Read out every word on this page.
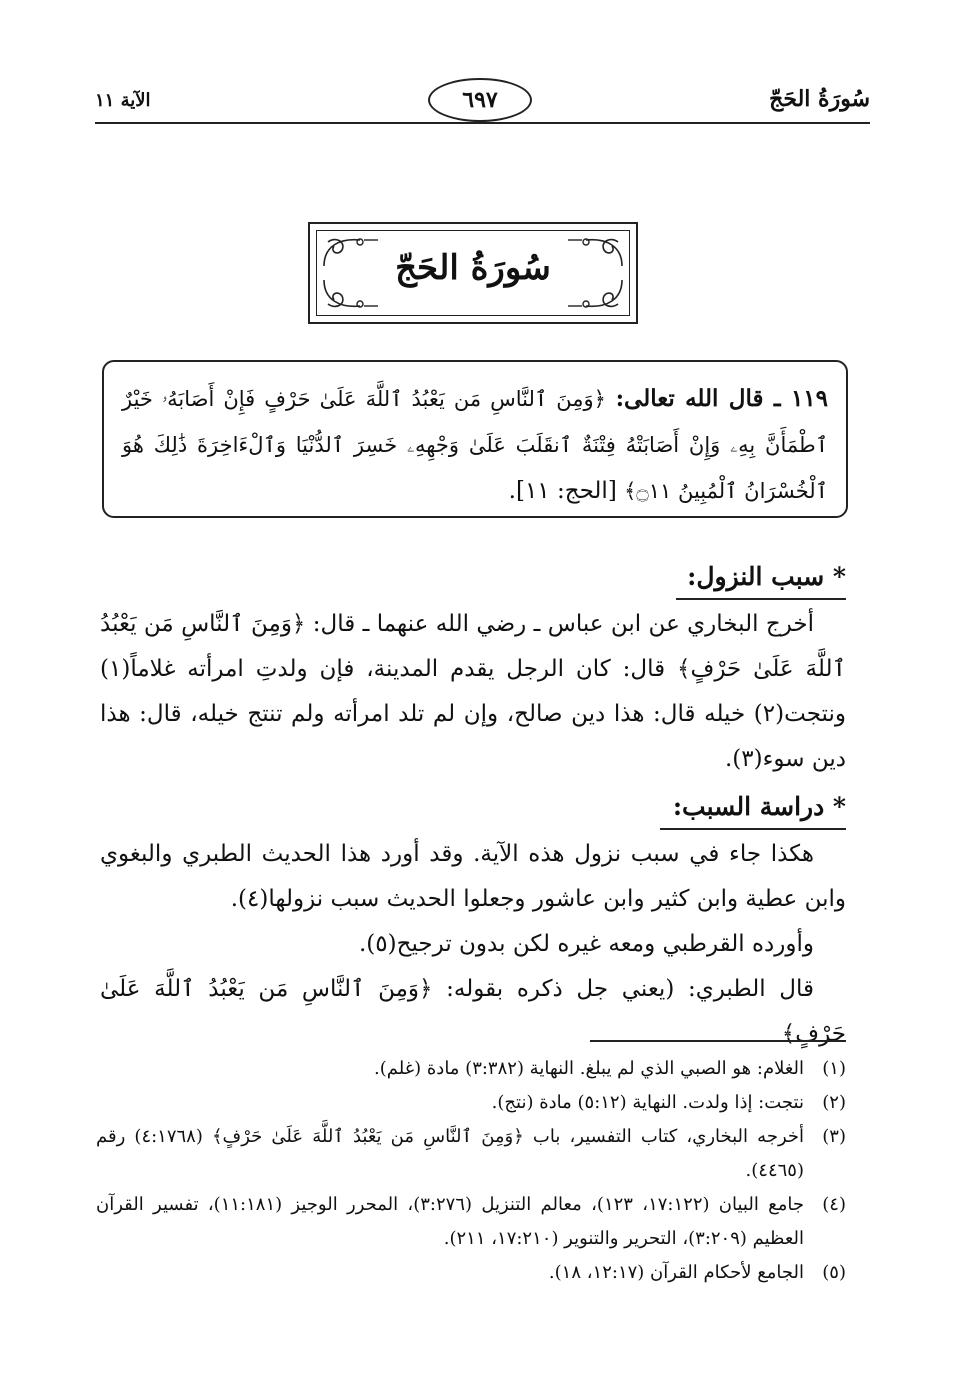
سُورَةُ الحَجّ
٦٩٧
الآية ١١
سُورَةُ الحَجّ
١١٩ ـ قال الله تعالى: ﴿وَمِنَ ٱلنَّاسِ مَن يَعْبُدُ ٱللَّهَ عَلَىٰ حَرْفٍ فَإِنْ أَصَابَهُۥ خَيْرٌ ٱطْمَأَنَّ بِهِۦ وَإِنْ أَصَابَتْهُ فِتْنَةٌ ٱنقَلَبَ عَلَىٰ وَجْهِهِۦ خَسِرَ ٱلدُّنْيَا وَٱلْءَاخِرَةَ ذَٰلِكَ هُوَ ٱلْخُسْرَانُ ٱلْمُبِينُ ۝١١﴾ [الحج: ١١].
* سبب النزول:

أخرج البخاري عن ابن عباس ـ رضي الله عنهما ـ قال: ﴿وَمِنَ ٱلنَّاسِ مَن يَعْبُدُ ٱللَّهَ عَلَىٰ حَرْفٍ﴾ قال: كان الرجل يقدم المدينة، فإن ولدتِ امرأته غلاماً(١) ونتجت(٢) خيله قال: هذا دين صالح، وإن لم تلد امرأته ولم تنتج خيله، قال: هذا دين سوء(٣).

* دراسة السبب:

هكذا جاء في سبب نزول هذه الآية. وقد أورد هذا الحديث الطبري والبغوي وابن عطية وابن كثير وابن عاشور وجعلوا الحديث سبب نزولها(٤).

وأورده القرطبي ومعه غيره لكن بدون ترجيح(٥).

قال الطبري: (يعني جل ذكره بقوله: ﴿وَمِنَ ٱلنَّاسِ مَن يَعْبُدُ ٱللَّهَ عَلَىٰ حَرْفٍ﴾

(١)
الغلام: هو الصبي الذي لم يبلغ. النهاية (٣:٣٨٢) مادة (غلم).
(٢)
نتجت: إذا ولدت. النهاية (٥:١٢) مادة (نتج).
(٣)
أخرجه البخاري، كتاب التفسير، باب ﴿وَمِنَ ٱلنَّاسِ مَن يَعْبُدُ ٱللَّهَ عَلَىٰ حَرْفٍ﴾ (٤:١٧٦٨) رقم (٤٤٦٥).
(٤)
جامع البيان (١٧:١٢٢، ١٢٣)، معالم التنزيل (٣:٢٧٦)، المحرر الوجيز (١١:١٨١)، تفسير القرآن العظيم (٣:٢٠٩)، التحرير والتنوير (١٧:٢١٠، ٢١١).
(٥)
الجامع لأحكام القرآن (١٢:١٧، ١٨).
